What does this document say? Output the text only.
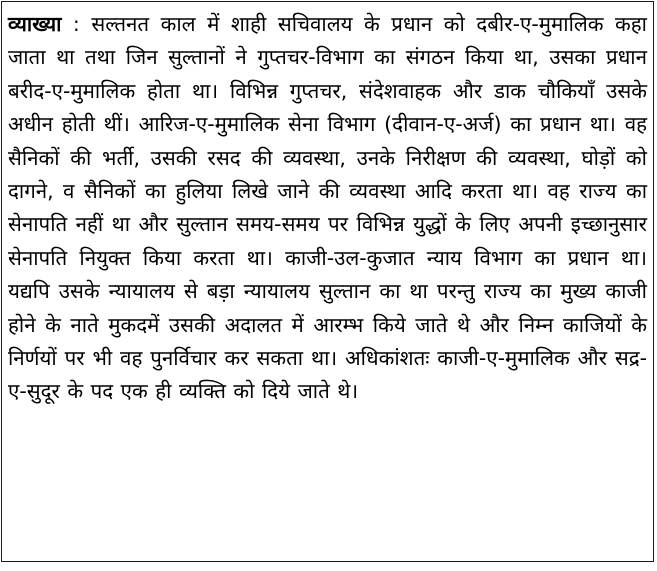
व्याख्या : सल्तनत काल में शाही सचिवालय के प्रधान को दबीर-ए-मुमालिक कहा जाता था तथा जिन सुल्तानों ने गुप्तचर-विभाग का संगठन किया था, उसका प्रधान बरीद-ए-मुमालिक होता था। विभिन्न गुप्तचर, संदेशवाहक और डाक चौकियाँ उसके अधीन होती थीं। आरिज-ए-मुमालिक सेना विभाग (दीवान-ए-अर्ज) का प्रधान था। वह सैनिकों की भर्ती, उसकी रसद की व्यवस्था, उनके निरीक्षण की व्यवस्था, घोड़ों को दागने, व सैनिकों का हुलिया लिखे जाने की व्यवस्था आदि करता था। वह राज्य का सेनापति नहीं था और सुल्तान समय-समय पर विभिन्न युद्धों के लिए अपनी इच्छानुसार सेनापति नियुक्त किया करता था। काजी-उल-कुजात न्याय विभाग का प्रधान था। यद्यपि उसके न्यायालय से बड़ा न्यायालय सुल्तान का था परन्तु राज्य का मुख्य काजी होने के नाते मुकदमें उसकी अदालत में आरम्भ किये जाते थे और निम्न काजियों के निर्णयों पर भी वह पुनर्विचार कर सकता था। अधिकांशतः काजी-ए-मुमालिक और सद्र-ए-सुदूर के पद एक ही व्यक्ति को दिये जाते थे।
